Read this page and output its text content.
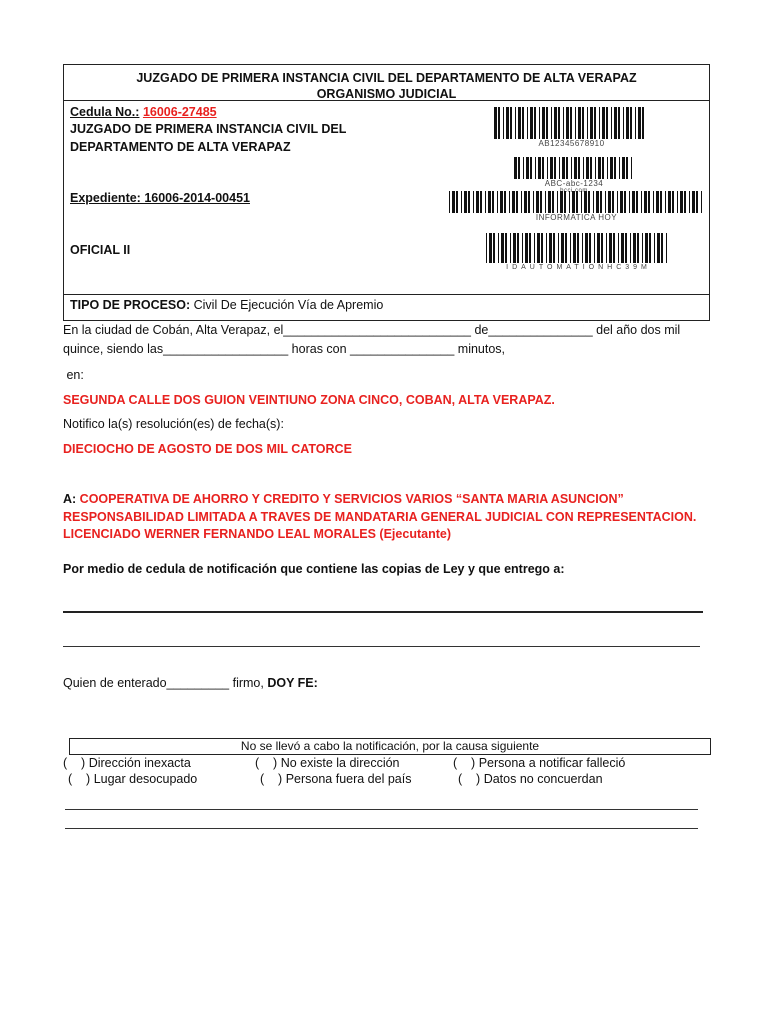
JUZGADO DE PRIMERA INSTANCIA CIVIL DEL DEPARTAMENTO DE ALTA VERAPAZ
ORGANISMO JUDICIAL
Cedula No.: 16006-27485
JUZGADO DE PRIMERA INSTANCIA CIVIL DEL
DEPARTAMENTO DE ALTA VERAPAZ
Expediente: 16006-2014-00451
OFICIAL II
AB12345678910
ABC-abc-1234
INFORMATICA HOY
IDAUTOMATIONHC39M
TIPO DE PROCESO: Civil De Ejecución Vía de Apremio
En la ciudad de Cobán, Alta Verapaz, el___________________________ de_______________ del año dos mil
quince, siendo las__________________ horas con _______________ minutos,
en:
SEGUNDA CALLE DOS GUION VEINTIUNO ZONA CINCO, COBAN, ALTA VERAPAZ.
Notifico la(s) resolución(es) de fecha(s):
DIECIOCHO DE AGOSTO DE DOS MIL CATORCE
A: COOPERATIVA DE AHORRO Y CREDITO Y SERVICIOS VARIOS “SANTA MARIA ASUNCION”
RESPONSABILIDAD LIMITADA A TRAVES DE MANDATARIA GENERAL JUDICIAL CON REPRESENTACION.
LICENCIADO WERNER FERNANDO LEAL MORALES (Ejecutante)
Por medio de cedula de notificación que contiene las copias de Ley y que entrego a:
Quien de enterado_________ firmo, DOY FE:
No se llevó a cabo la notificación, por la causa siguiente
(    ) Dirección inexacta	(    ) No existe la dirección	(    ) Persona a notificar falleció
(    ) Lugar desocupado	(    ) Persona fuera del país	(    ) Datos no concuerdan
